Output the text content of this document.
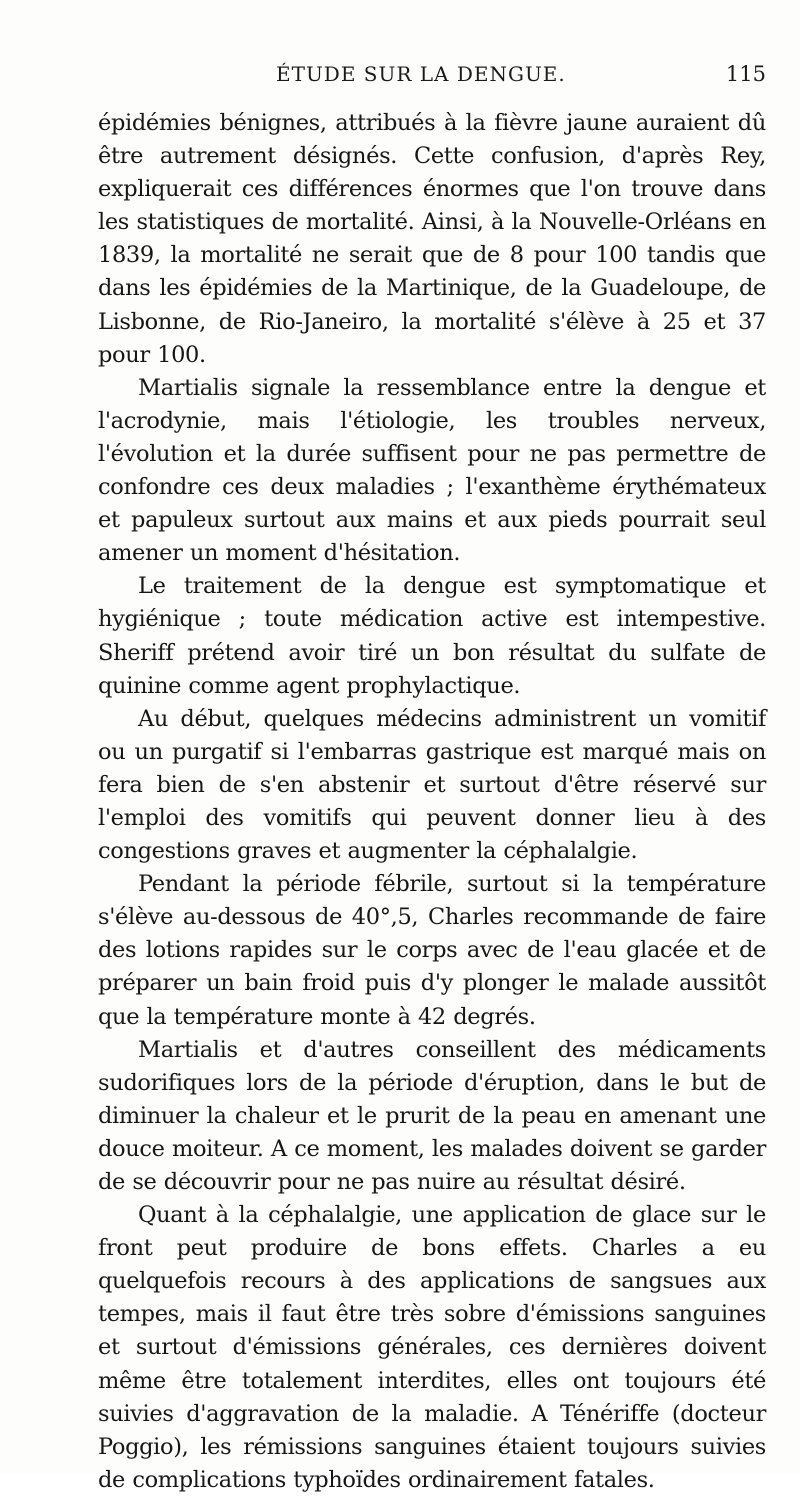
ÉTUDE SUR LA DENGUE.	115

épidémies bénignes, attribués à la fièvre jaune auraient dû être autrement désignés. Cette confusion, d'après Rey, expliquerait ces différences énormes que l'on trouve dans les statistiques de mortalité. Ainsi, à la Nouvelle-Orléans en 1839, la mortalité ne serait que de 8 pour 100 tandis que dans les épidémies de la Martinique, de la Guadeloupe, de Lisbonne, de Rio-Janeiro, la mortalité s'élève à 25 et 37 pour 100.

Martialis signale la ressemblance entre la dengue et l'acrodynie, mais l'étiologie, les troubles nerveux, l'évolution et la durée suffisent pour ne pas permettre de confondre ces deux maladies ; l'exanthème érythémateux et papuleux surtout aux mains et aux pieds pourrait seul amener un moment d'hésitation.

Le traitement de la dengue est symptomatique et hygiénique ; toute médication active est intempestive. Sheriff prétend avoir tiré un bon résultat du sulfate de quinine comme agent prophylactique.

Au début, quelques médecins administrent un vomitif ou un purgatif si l'embarras gastrique est marqué mais on fera bien de s'en abstenir et surtout d'être réservé sur l'emploi des vomitifs qui peuvent donner lieu à des congestions graves et augmenter la céphalalgie.

Pendant la période fébrile, surtout si la température s'élève au-dessous de 40°,5, Charles recommande de faire des lotions rapides sur le corps avec de l'eau glacée et de préparer un bain froid puis d'y plonger le malade aussitôt que la température monte à 42 degrés.

Martialis et d'autres conseillent des médicaments sudorifiques lors de la période d'éruption, dans le but de diminuer la chaleur et le prurit de la peau en amenant une douce moiteur. A ce moment, les malades doivent se garder de se découvrir pour ne pas nuire au résultat désiré.

Quant à la céphalalgie, une application de glace sur le front peut produire de bons effets. Charles a eu quelquefois recours à des applications de sangsues aux tempes, mais il faut être très sobre d'émissions sanguines et surtout d'émissions générales, ces dernières doivent même être totalement interdites, elles ont toujours été suivies d'aggravation de la maladie. A Ténériffe (docteur Poggio), les rémissions sanguines étaient toujours suivies de complications typhoïdes ordinairement fatales.
